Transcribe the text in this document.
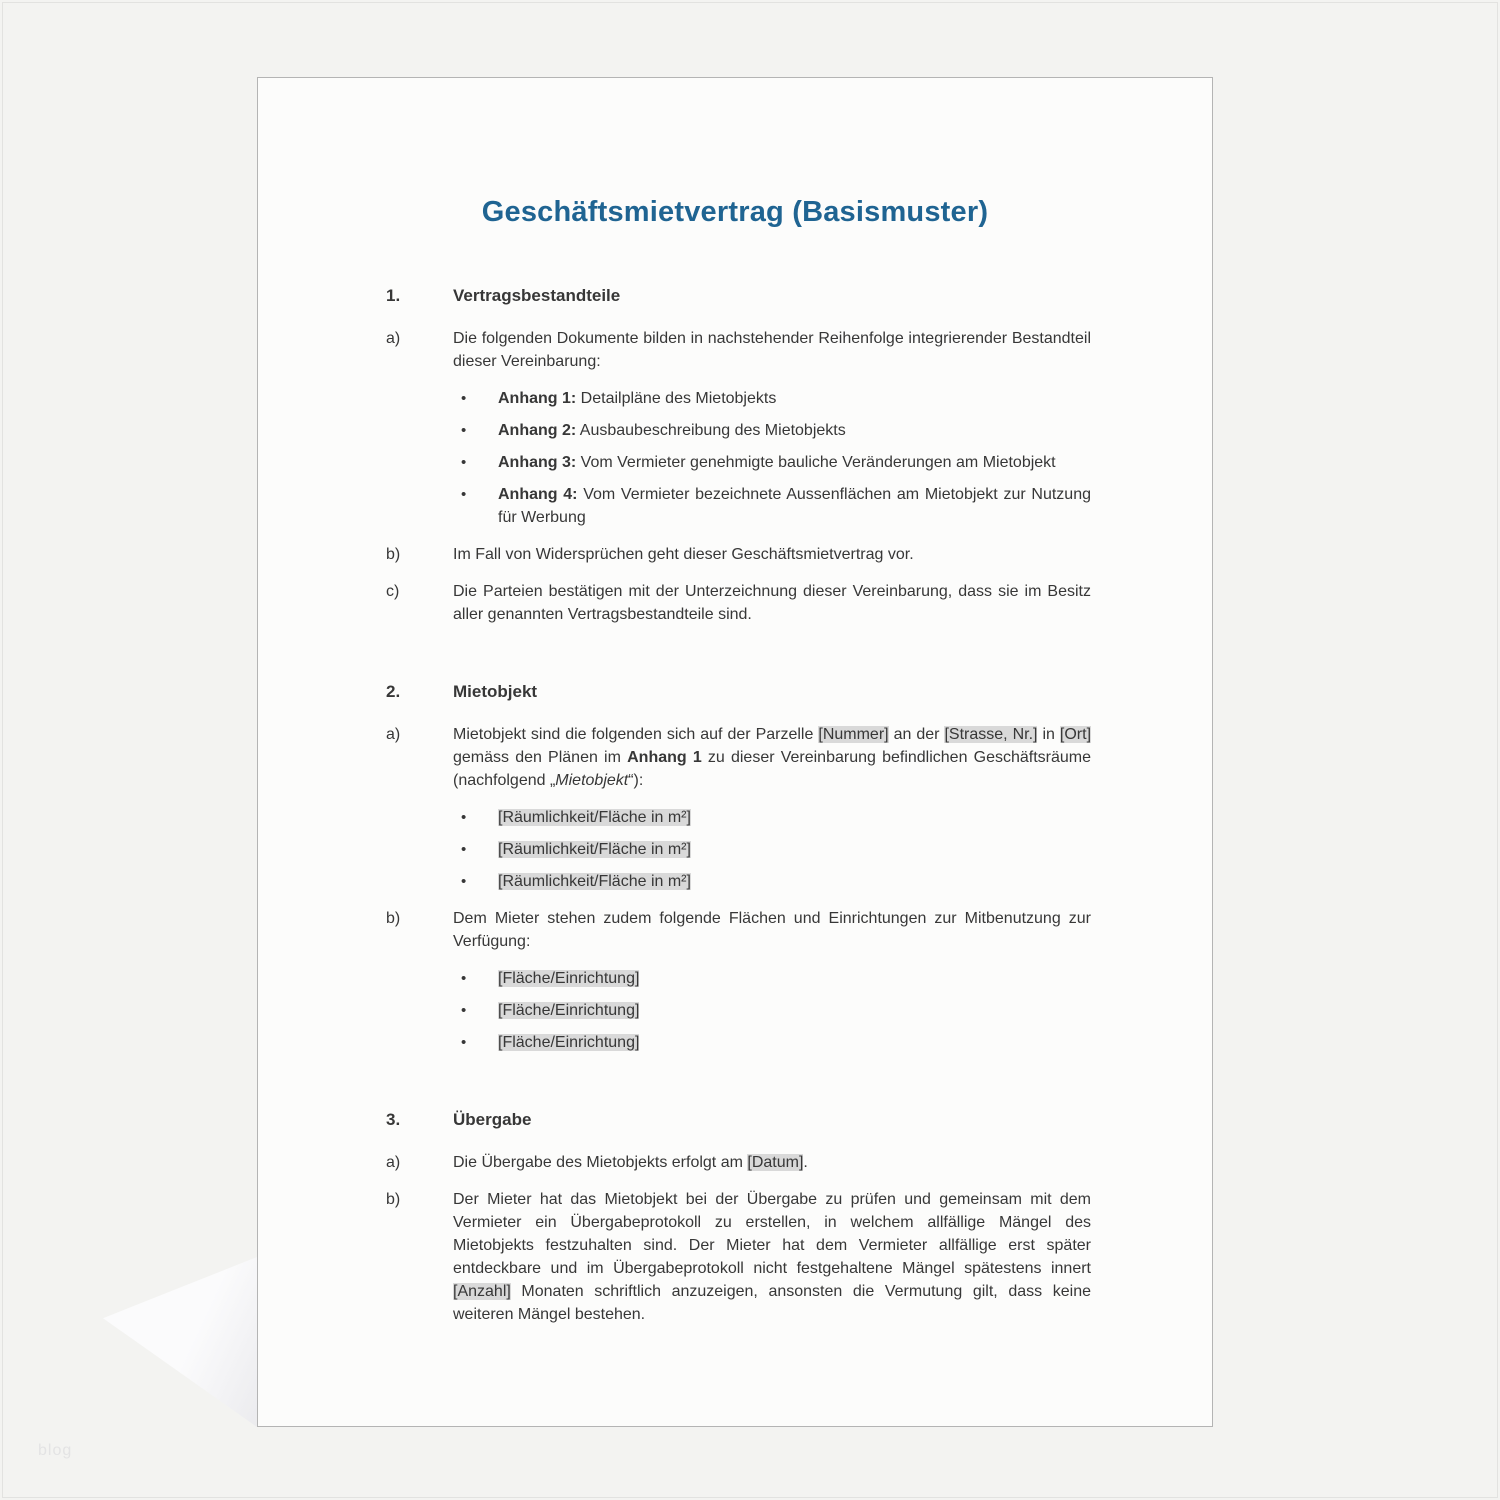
blog
Geschäftsmietvertrag (Basismuster)
1.	Vertragsbestandteile
a)	Die folgenden Dokumente bilden in nachstehender Reihenfolge integrierender Bestandteil dieser Vereinbarung:
•	Anhang 1: Detailpläne des Mietobjekts
•	Anhang 2: Ausbaubeschreibung des Mietobjekts
•	Anhang 3: Vom Vermieter genehmigte bauliche Veränderungen am Mietobjekt
•	Anhang 4: Vom Vermieter bezeichnete Aussenflächen am Mietobjekt zur Nutzung für Werbung
b)	Im Fall von Widersprüchen geht dieser Geschäftsmietvertrag vor.
c)	Die Parteien bestätigen mit der Unterzeichnung dieser Vereinbarung, dass sie im Besitz aller genannten Vertragsbestandteile sind.
2.	Mietobjekt
a)	Mietobjekt sind die folgenden sich auf der Parzelle [Nummer] an der [Strasse, Nr.] in [Ort] gemäss den Plänen im Anhang 1 zu dieser Vereinbarung befindlichen Geschäftsräume (nachfolgend „Mietobjekt“):
•	[Räumlichkeit/Fläche in m²]
•	[Räumlichkeit/Fläche in m²]
•	[Räumlichkeit/Fläche in m²]
b)	Dem Mieter stehen zudem folgende Flächen und Einrichtungen zur Mitbenutzung zur Verfügung:
•	[Fläche/Einrichtung]
•	[Fläche/Einrichtung]
•	[Fläche/Einrichtung]
3.	Übergabe
a)	Die Übergabe des Mietobjekts erfolgt am [Datum].
b)	Der Mieter hat das Mietobjekt bei der Übergabe zu prüfen und gemeinsam mit dem Vermieter ein Übergabeprotokoll zu erstellen, in welchem allfällige Mängel des Mietobjekts festzuhalten sind. Der Mieter hat dem Vermieter allfällige erst später entdeckbare und im Übergabeprotokoll nicht festgehaltene Mängel spätestens innert [Anzahl] Monaten schriftlich anzuzeigen, ansonsten die Vermutung gilt, dass keine weiteren Mängel bestehen.
